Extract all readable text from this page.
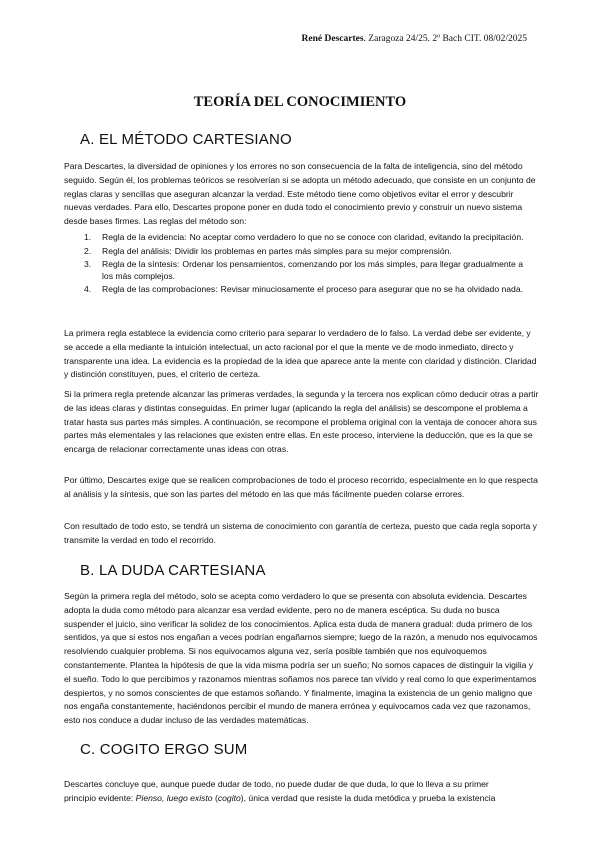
René Descartes. Zaragoza 24/25. 2º Bach CIT. 08/02/2025
TEORÍA DEL CONOCIMIENTO
A. EL MÉTODO CARTESIANO

Para Descartes, la diversidad de opiniones y los errores no son consecuencia de la falta de inteligencia, sino del método seguido. Según él, los problemas teóricos se resolverían si se adopta un método adecuado, que consiste en un conjunto de reglas claras y sencillas que aseguran alcanzar la verdad. Este método tiene como objetivos evitar el error y descubrir nuevas verdades. Para ello, Descartes propone poner en duda todo el conocimiento previo y construir un nuevo sistema desde bases firmes. Las reglas del método son:

1. Regla de la evidencia: No aceptar como verdadero lo que no se conoce con claridad, evitando la precipitación.
2. Regla del análisis: Dividir los problemas en partes más simples para su mejor comprensión.
3. Regla de la síntesis: Ordenar los pensamientos, comenzando por los más simples, para llegar gradualmente a los más complejos.
4. Regla de las comprobaciones: Revisar minuciosamente el proceso para asegurar que no se ha olvidado nada.

La primera regla establece la evidencia como criterio para separar lo verdadero de lo falso. La verdad debe ser evidente, y se accede a ella mediante la intuición intelectual, un acto racional por el que la mente ve de modo inmediato, directo y transparente una idea. La evidencia es la propiedad de la idea que aparece ante la mente con claridad y distinción. Claridad y distinción constituyen, pues, el criterio de certeza.

Si la primera regla pretende alcanzar las primeras verdades, la segunda y la tercera nos explican cómo deducir otras a partir de las ideas claras y distintas conseguidas. En primer lugar (aplicando la regla del análisis) se descompone el problema a tratar hasta sus partes más simples. A continuación, se recompone el problema original con la ventaja de conocer ahora sus partes más elementales y las relaciones que existen entre ellas. En este proceso, interviene la deducción, que es la que se encarga de relacionar correctamente unas ideas con otras.

Por último, Descartes exige que se realicen comprobaciones de todo el proceso recorrido, especialmente en lo que respecta al análisis y la síntesis, que son las partes del método en las que más fácilmente pueden colarse errores.

Con resultado de todo esto, se tendrá un sistema de conocimiento con garantía de certeza, puesto que cada regla soporta y transmite la verdad en todo el recorrido.

B. LA DUDA CARTESIANA

Según la primera regla del método, solo se acepta como verdadero lo que se presenta con absoluta evidencia. Descartes adopta la duda como método para alcanzar esa verdad evidente, pero no de manera escéptica. Su duda no busca suspender el juicio, sino verificar la solidez de los conocimientos. Aplica esta duda de manera gradual: duda primero de los sentidos, ya que si estos nos engañan a veces podrían engañarnos siempre; luego de la razón, a menudo nos equivocamos resolviendo cualquier problema. Si nos equivocamos alguna vez, sería posible también que nos equivoquemos constantemente. Plantea la hipótesis de que la vida misma podría ser un sueño; No somos capaces de distinguir la vigilia y el sueño. Todo lo que percibimos y razonamos mientras soñamos nos parece tan vívido y real como lo que experimentamos despiertos, y no somos conscientes de que estamos soñando. Y finalmente, imagina la existencia de un genio maligno que nos engaña constantemente, haciéndonos percibir el mundo de manera errónea y equivocamos cada vez que razonamos, esto nos conduce a dudar incluso de las verdades matemáticas.

C. COGITO ERGO SUM

Descartes concluye que, aunque puede dudar de todo, no puede dudar de que duda, lo que lo lleva a su primer
principio evidente: Pienso, luego existo (cogito), única verdad que resiste la duda metódica y prueba la existencia
